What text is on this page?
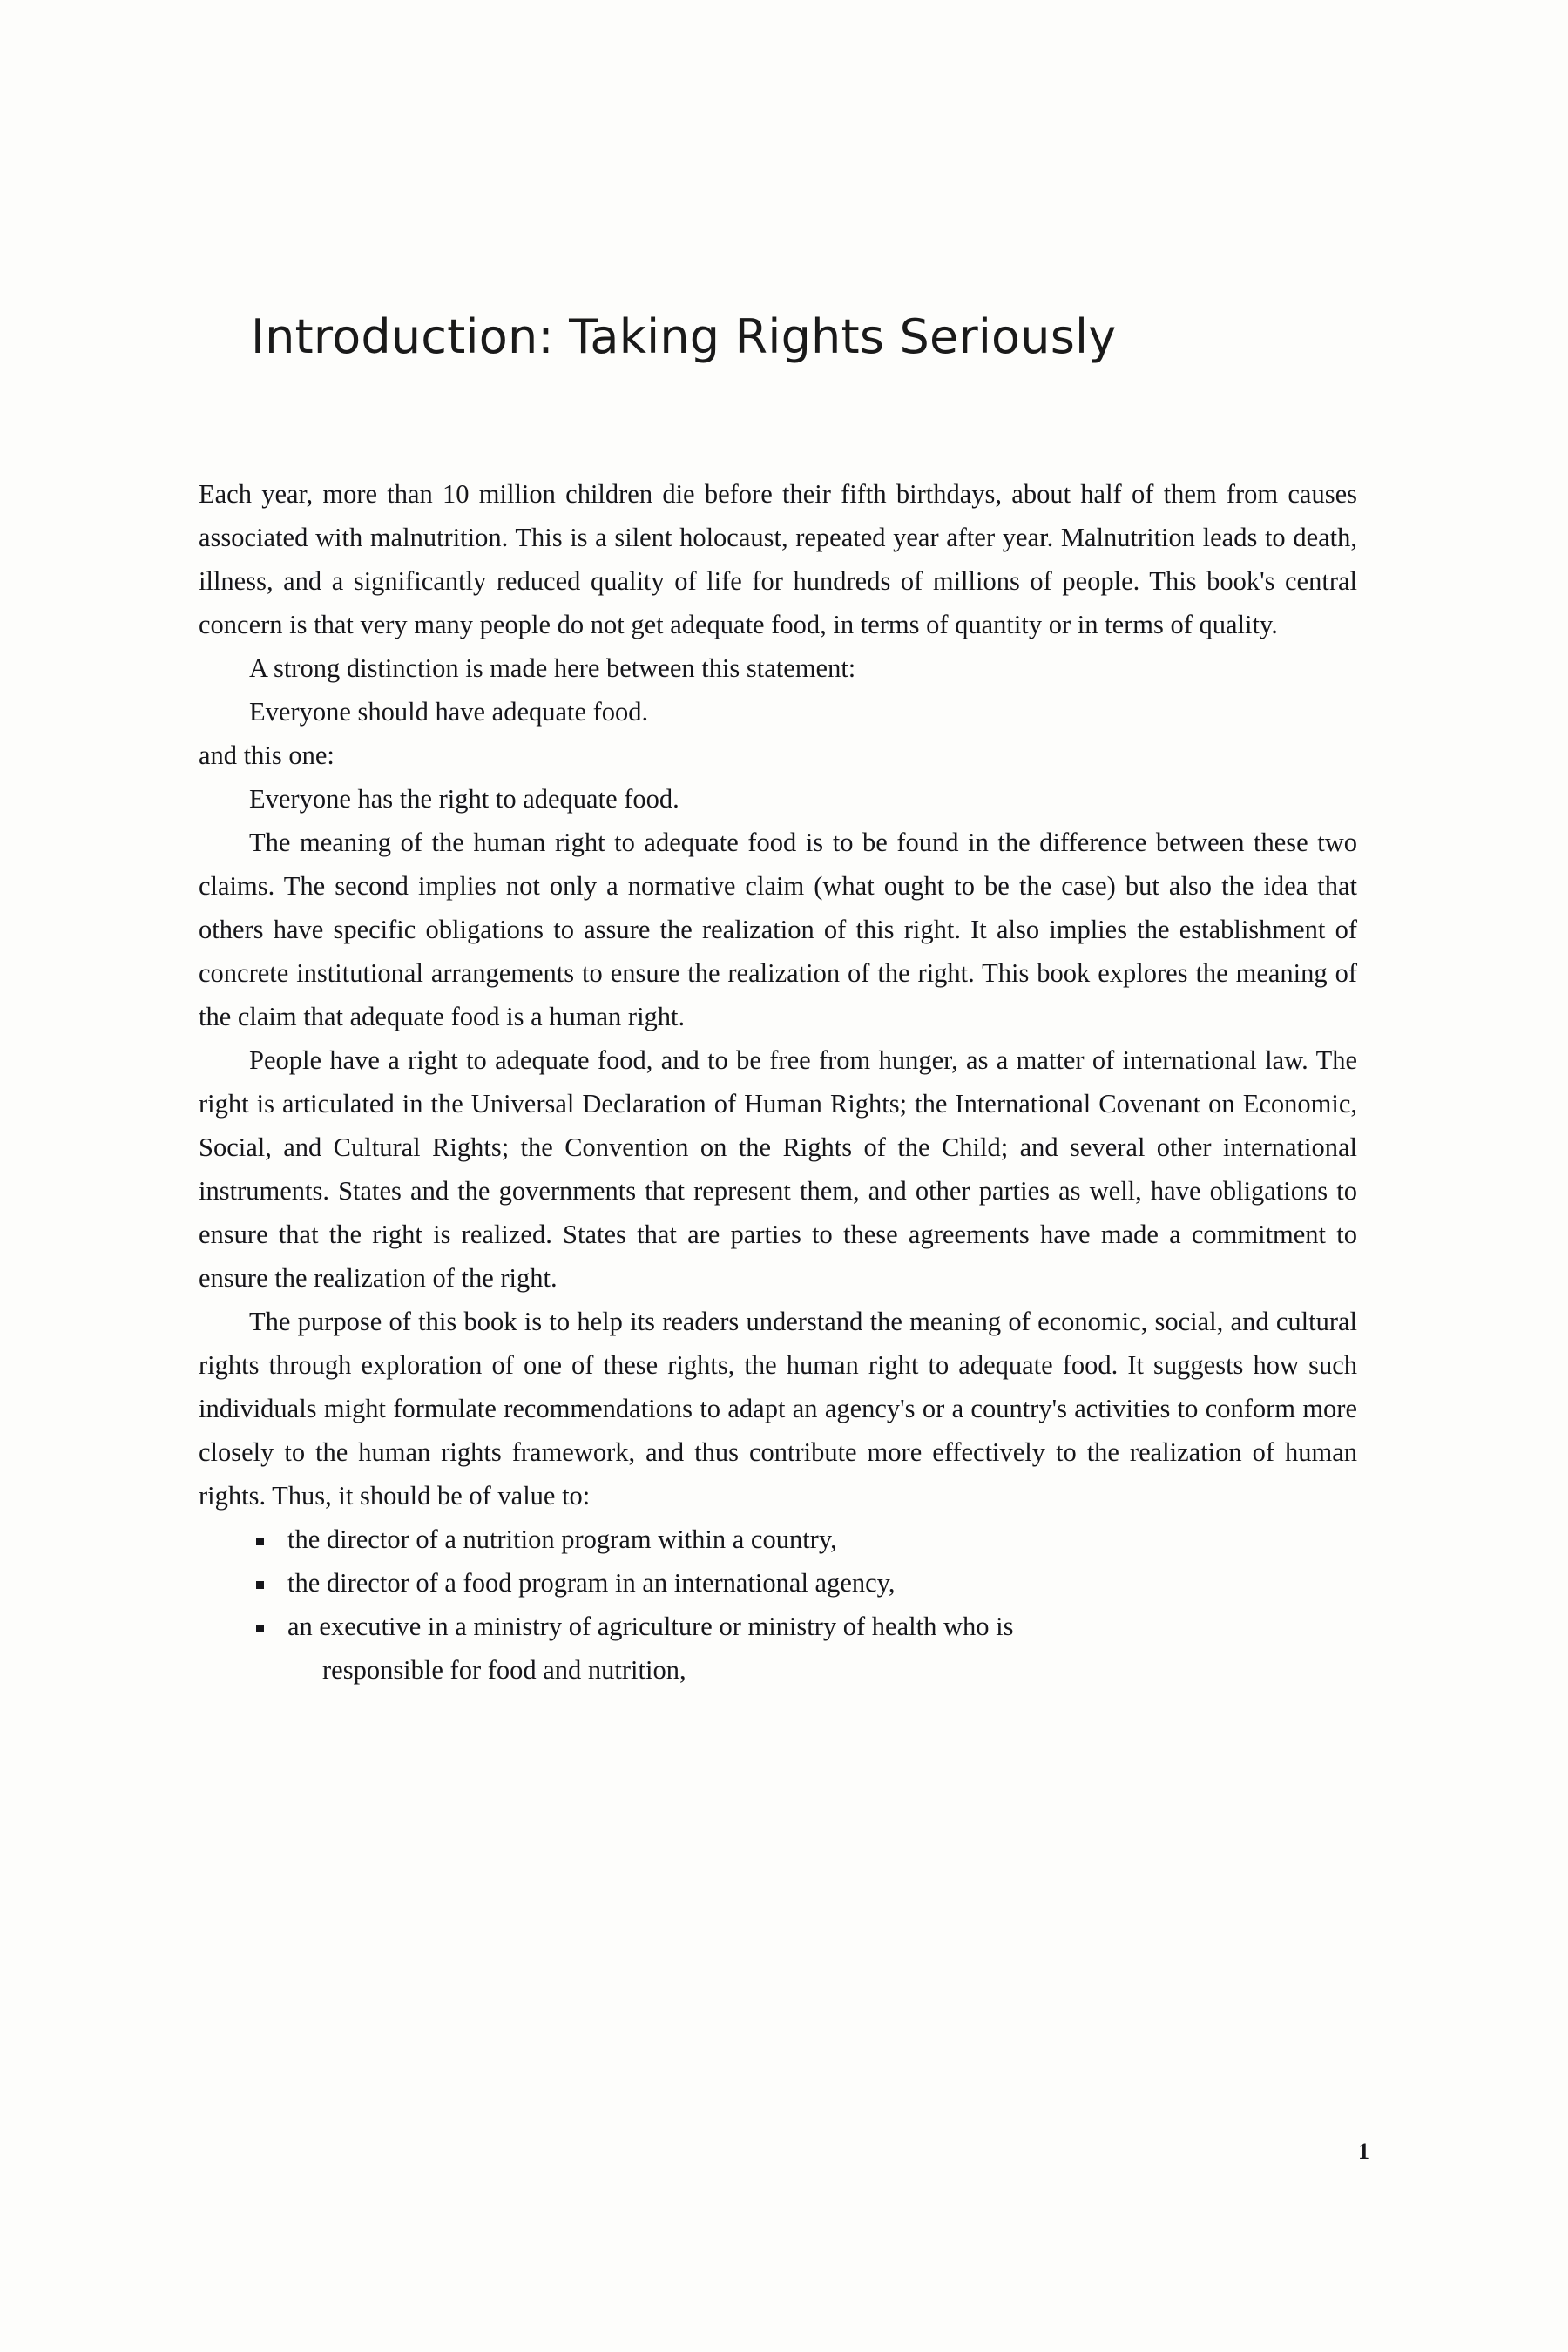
Introduction: Taking Rights Seriously

Each year, more than 10 million children die before their fifth birthdays, about half of them from causes associated with malnutrition. This is a silent holocaust, repeated year after year. Malnutrition leads to death, illness, and a significantly reduced quality of life for hundreds of millions of people. This book's central concern is that very many people do not get adequate food, in terms of quantity or in terms of quality.

A strong distinction is made here between this statement:

Everyone should have adequate food.

and this one:

Everyone has the right to adequate food.

The meaning of the human right to adequate food is to be found in the difference between these two claims. The second implies not only a normative claim (what ought to be the case) but also the idea that others have specific obligations to assure the realization of this right. It also implies the establishment of concrete institutional arrangements to ensure the realization of the right. This book explores the meaning of the claim that adequate food is a human right.

People have a right to adequate food, and to be free from hunger, as a matter of international law. The right is articulated in the Universal Declaration of Human Rights; the International Covenant on Economic, Social, and Cultural Rights; the Convention on the Rights of the Child; and several other international instruments. States and the governments that represent them, and other parties as well, have obligations to ensure that the right is realized. States that are parties to these agreements have made a commitment to ensure the realization of the right.

The purpose of this book is to help its readers understand the meaning of economic, social, and cultural rights through exploration of one of these rights, the human right to adequate food. It suggests how such individuals might formulate recommendations to adapt an agency's or a country's activities to conform more closely to the human rights framework, and thus contribute more effectively to the realization of human rights. Thus, it should be of value to:

the director of a nutrition program within a country,
the director of a food program in an international agency,
an executive in a ministry of agriculture or ministry of health who is
responsible for food and nutrition,
1
